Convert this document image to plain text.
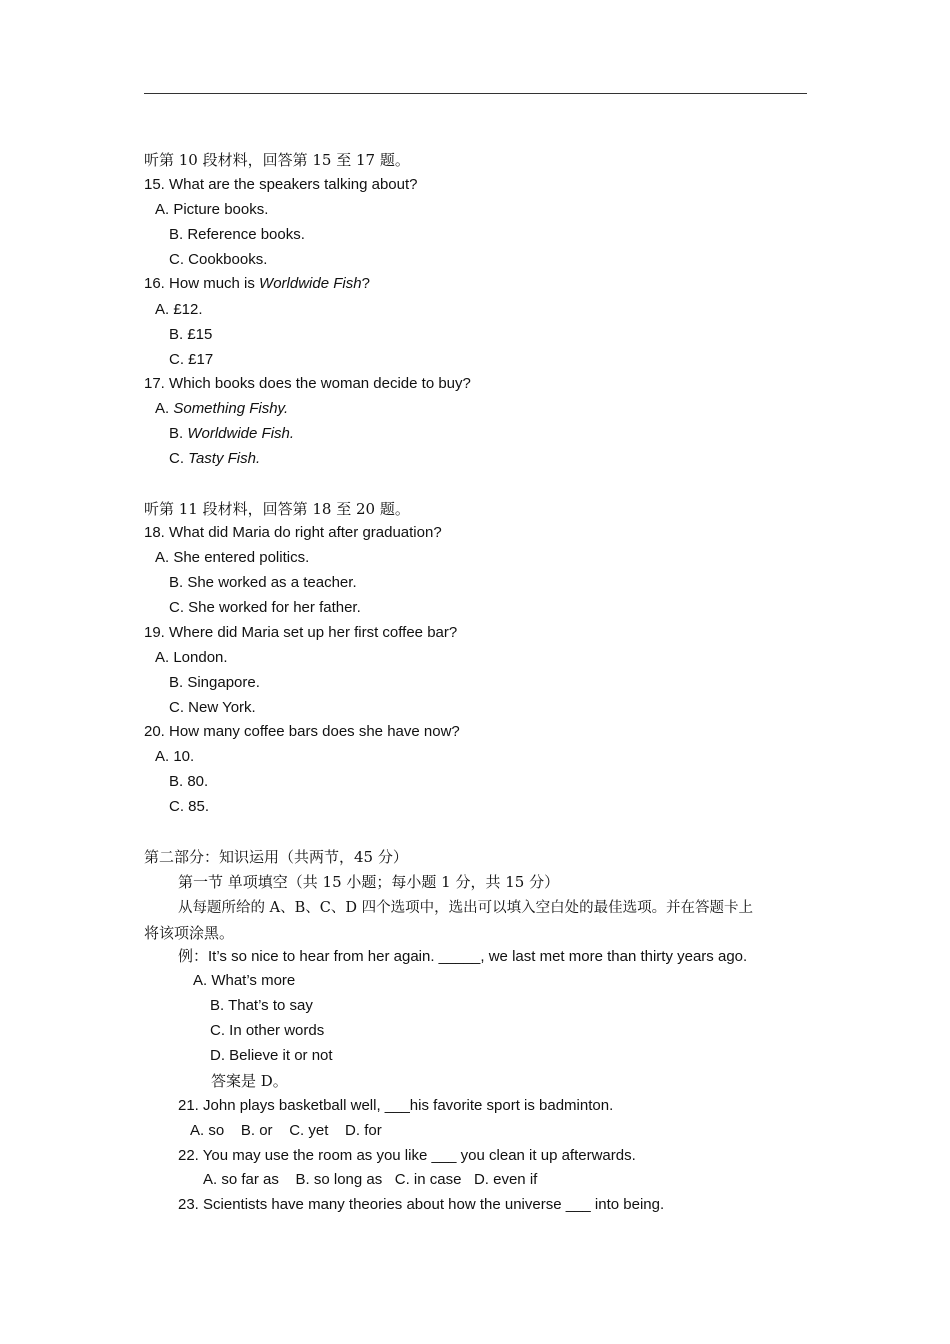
听第 10 段材料，回答第 15 至 17 题。
15. What are the speakers talking about?
A. Picture books.
B. Reference books.
C. Cookbooks.
16. How much is Worldwide Fish?
A. £12.
B. £15
C. £17
17. Which books does the woman decide to buy?
A. Something Fishy.
B. Worldwide Fish.
C. Tasty Fish.
听第 11 段材料，回答第 18 至 20 题。
18. What did Maria do right after graduation?
A. She entered politics.
B. She worked as a teacher.
C. She worked for her father.
19. Where did Maria set up her first coffee bar?
A. London.
B. Singapore.
C. New York.
20. How many coffee bars does she have now?
A. 10.
B. 80.
C. 85.
第二部分：知识运用（共两节，45 分）
第一节 单项填空（共 15 小题；每小题 1 分，共 15 分）
从每题所给的 A、B、C、D 四个选项中，选出可以填入空白处的最佳选项。并在答题卡上
将该项涂黑。
例：It’s so nice to hear from her again. _____, we last met more than thirty years ago.
A. What’s more
B. That’s to say
C. In other words
D. Believe it or not
答案是 D。
21. John plays basketball well, ___his favorite sport is badminton.
A. so    B. or    C. yet    D. for
22. You may use the room as you like ___ you clean it up afterwards.
A. so far as    B. so long as   C. in case   D. even if
23. Scientists have many theories about how the universe ___ into being.
